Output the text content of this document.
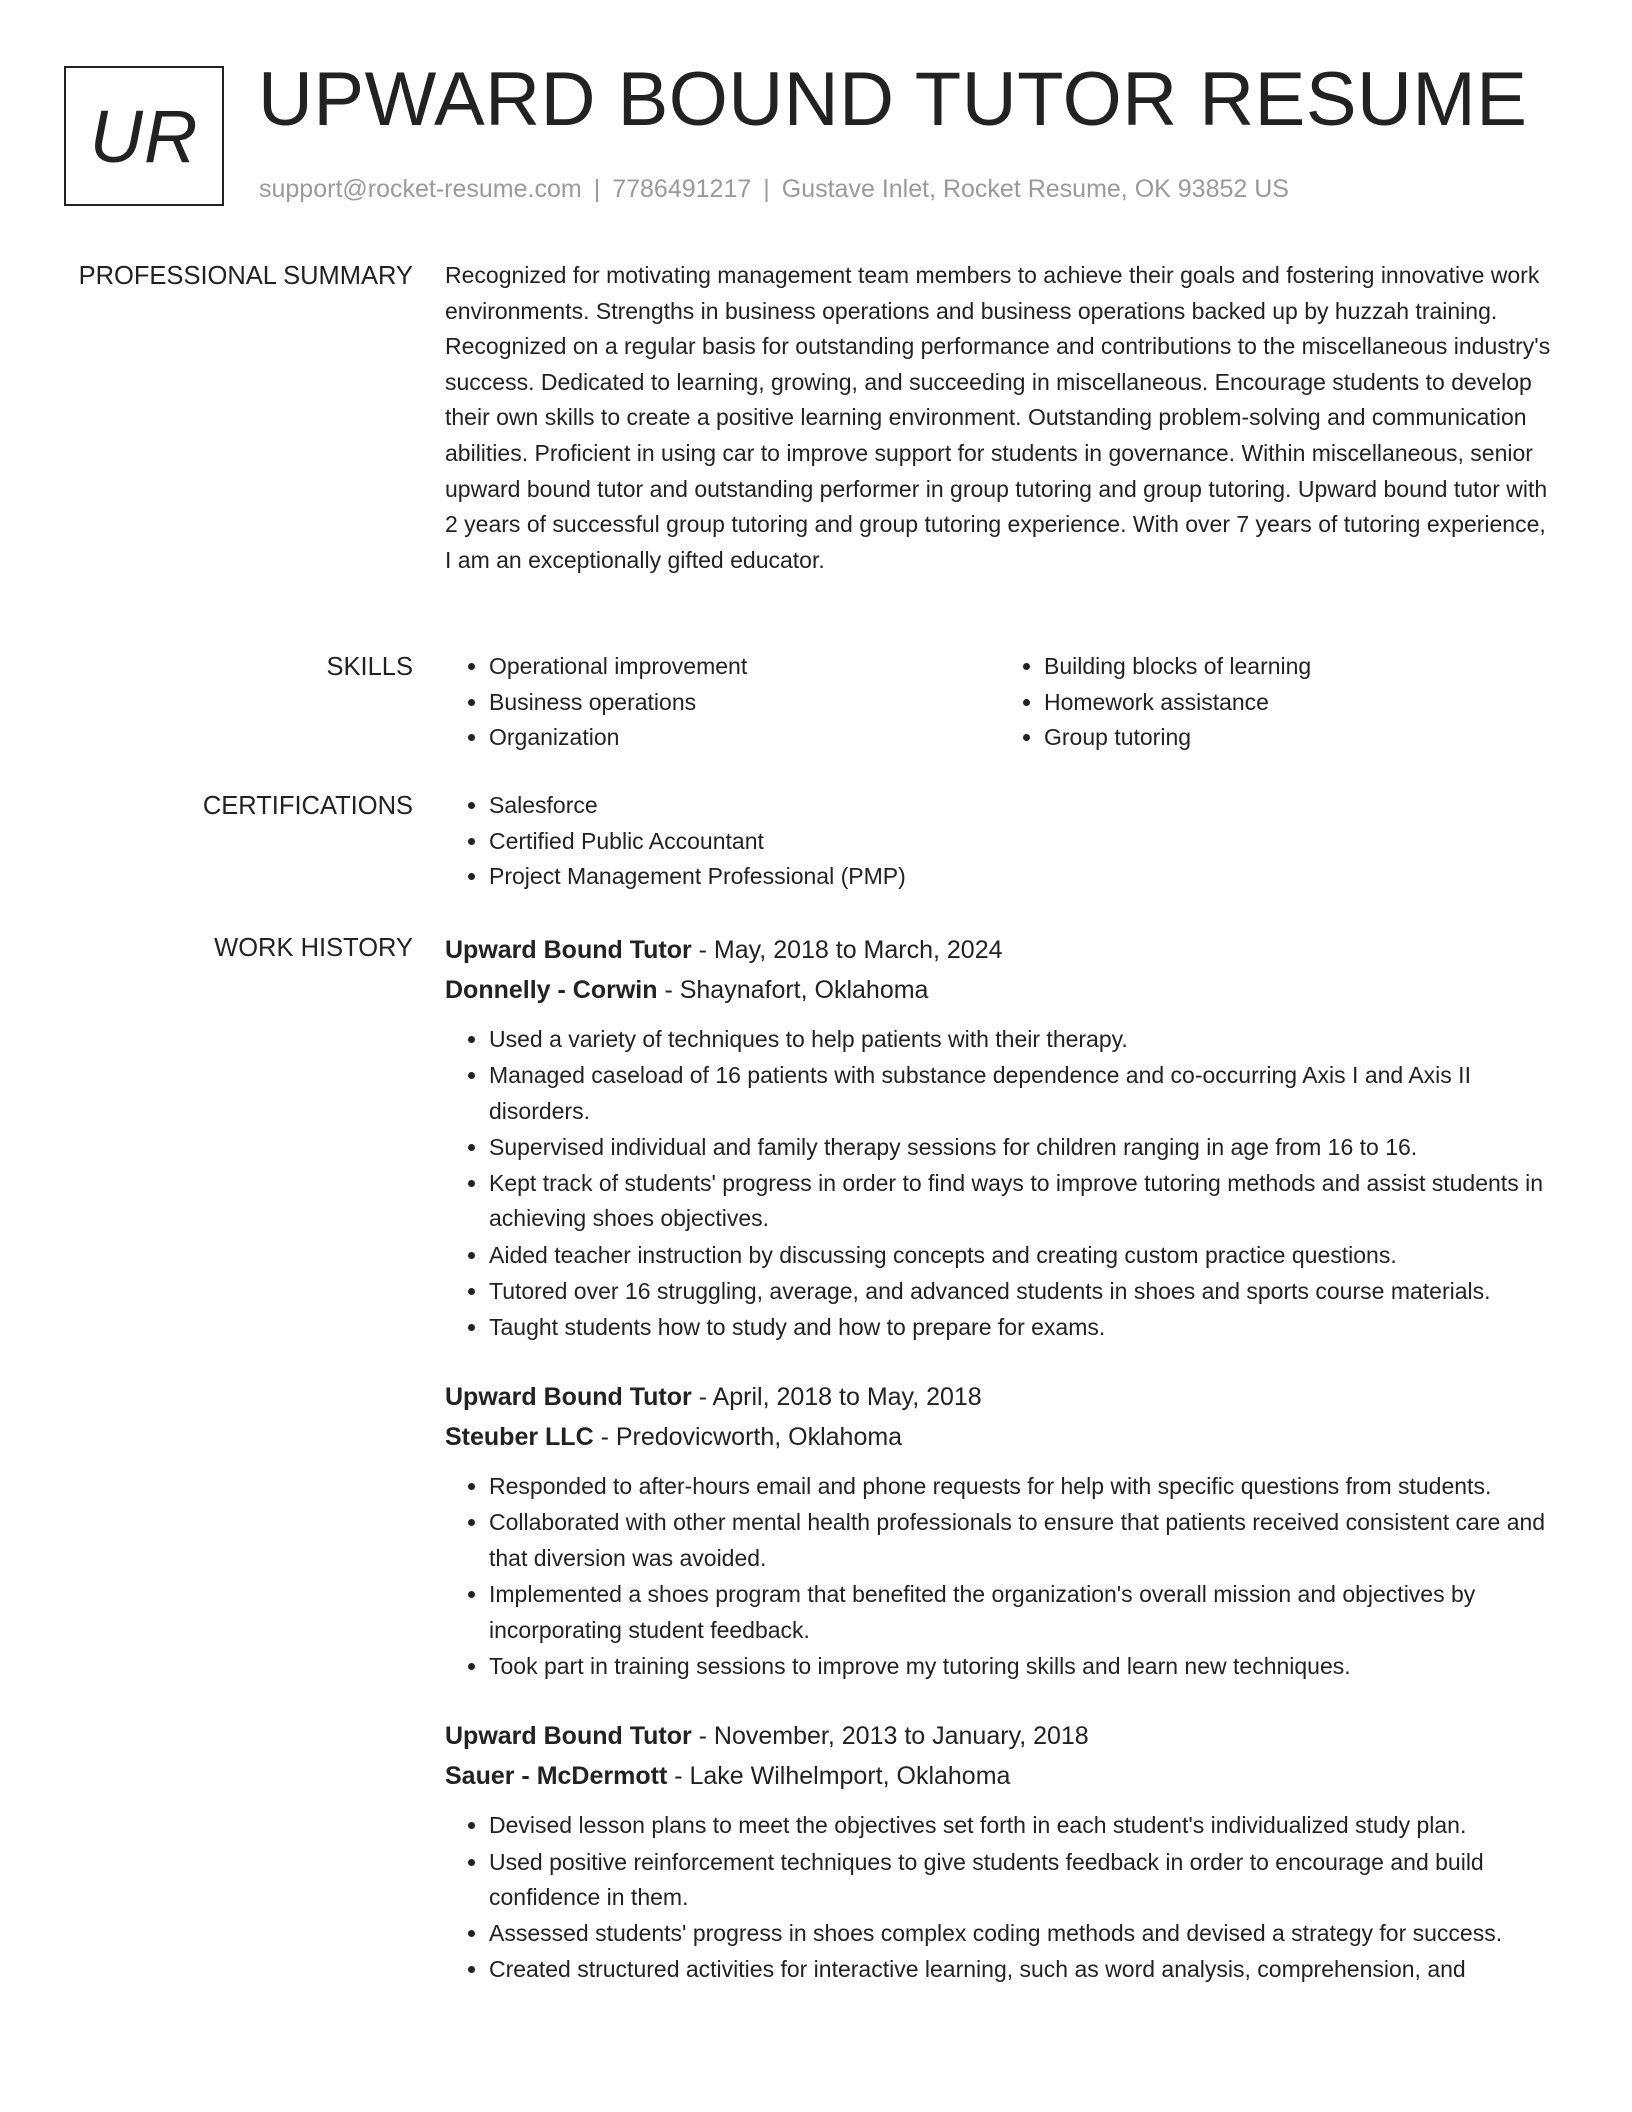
UR UPWARD BOUND TUTOR RESUME
support@rocket-resume.com | 7786491217 | Gustave Inlet, Rocket Resume, OK 93852 US
PROFESSIONAL SUMMARY Recognized for motivating management team members to achieve their goals and fostering innovative work environments. Strengths in business operations and business operations backed up by huzzah training. Recognized on a regular basis for outstanding performance and contributions to the miscellaneous industry's success. Dedicated to learning, growing, and succeeding in miscellaneous. Encourage students to develop their own skills to create a positive learning environment. Outstanding problem-solving and communication abilities. Proficient in using car to improve support for students in governance. Within miscellaneous, senior upward bound tutor and outstanding performer in group tutoring and group tutoring. Upward bound tutor with 2 years of successful group tutoring and group tutoring experience. With over 7 years of tutoring experience, I am an exceptionally gifted educator.

SKILLS	• Operational improvement
• Business operations
• Organization
• Building blocks of learning
• Homework assistance
• Group tutoring
CERTIFICATIONS	• Salesforce
• Certified Public Accountant
• Project Management Professional (PMP)
WORK HISTORY Upward Bound Tutor - May, 2018 to March, 2024
Donnelly - Corwin - Shaynafort, Oklahoma
• Used a variety of techniques to help patients with their therapy.
• Managed caseload of 16 patients with substance dependence and co-occurring Axis I and Axis II disorders.
• Supervised individual and family therapy sessions for children ranging in age from 16 to 16.
• Kept track of students' progress in order to find ways to improve tutoring methods and assist students in achieving shoes objectives.
• Aided teacher instruction by discussing concepts and creating custom practice questions.
• Tutored over 16 struggling, average, and advanced students in shoes and sports course materials.
• Taught students how to study and how to prepare for exams.
Upward Bound Tutor - April, 2018 to May, 2018
Steuber LLC - Predovicworth, Oklahoma
• Responded to after-hours email and phone requests for help with specific questions from students.
• Collaborated with other mental health professionals to ensure that patients received consistent care and that diversion was avoided.
• Implemented a shoes program that benefited the organization's overall mission and objectives by incorporating student feedback.
• Took part in training sessions to improve my tutoring skills and learn new techniques.
Upward Bound Tutor - November, 2013 to January, 2018
Sauer - McDermott - Lake Wilhelmport, Oklahoma
• Devised lesson plans to meet the objectives set forth in each student's individualized study plan.
• Used positive reinforcement techniques to give students feedback in order to encourage and build confidence in them.
• Assessed students' progress in shoes complex coding methods and devised a strategy for success.
• Created structured activities for interactive learning, such as word analysis, comprehension, and
